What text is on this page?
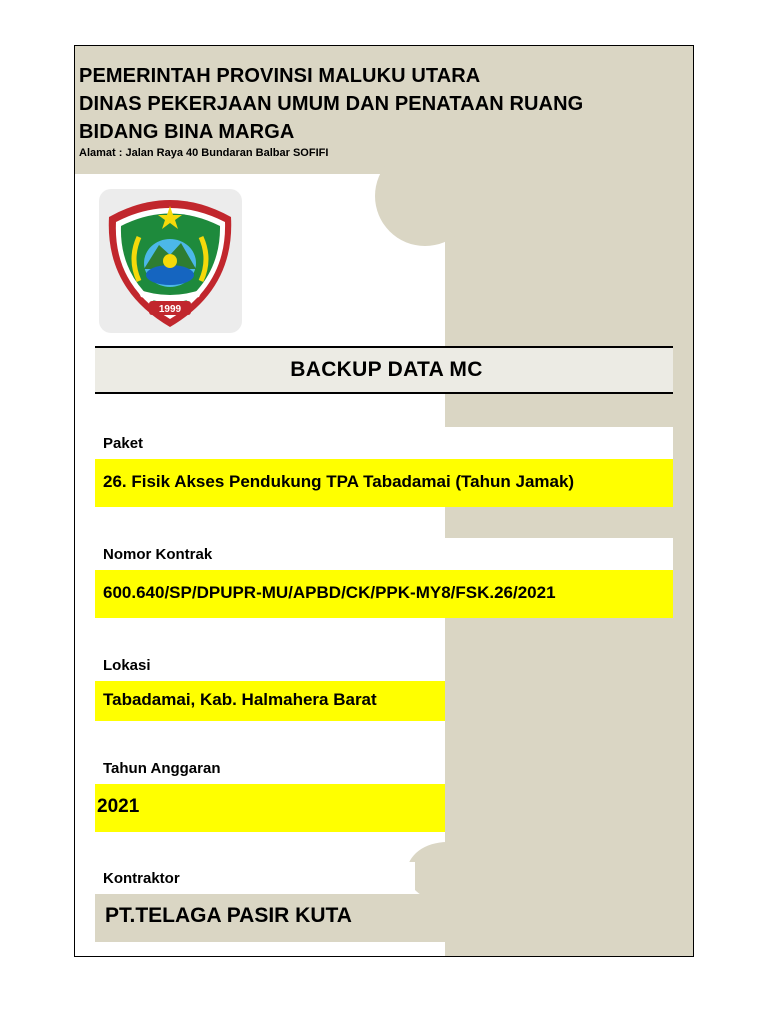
PEMERINTAH PROVINSI MALUKU UTARA
DINAS PEKERJAAN UMUM DAN PENATAAN RUANG
BIDANG BINA MARGA
Alamat : Jalan Raya 40 Bundaran Balbar SOFIFI
1999
BACKUP DATA MC
Paket
26. Fisik Akses Pendukung TPA Tabadamai (Tahun Jamak)
Nomor Kontrak
600.640/SP/DPUPR-MU/APBD/CK/PPK-MY8/FSK.26/2021
Lokasi
Tabadamai, Kab. Halmahera Barat
Tahun Anggaran
2021
Kontraktor
PT.TELAGA PASIR KUTA
